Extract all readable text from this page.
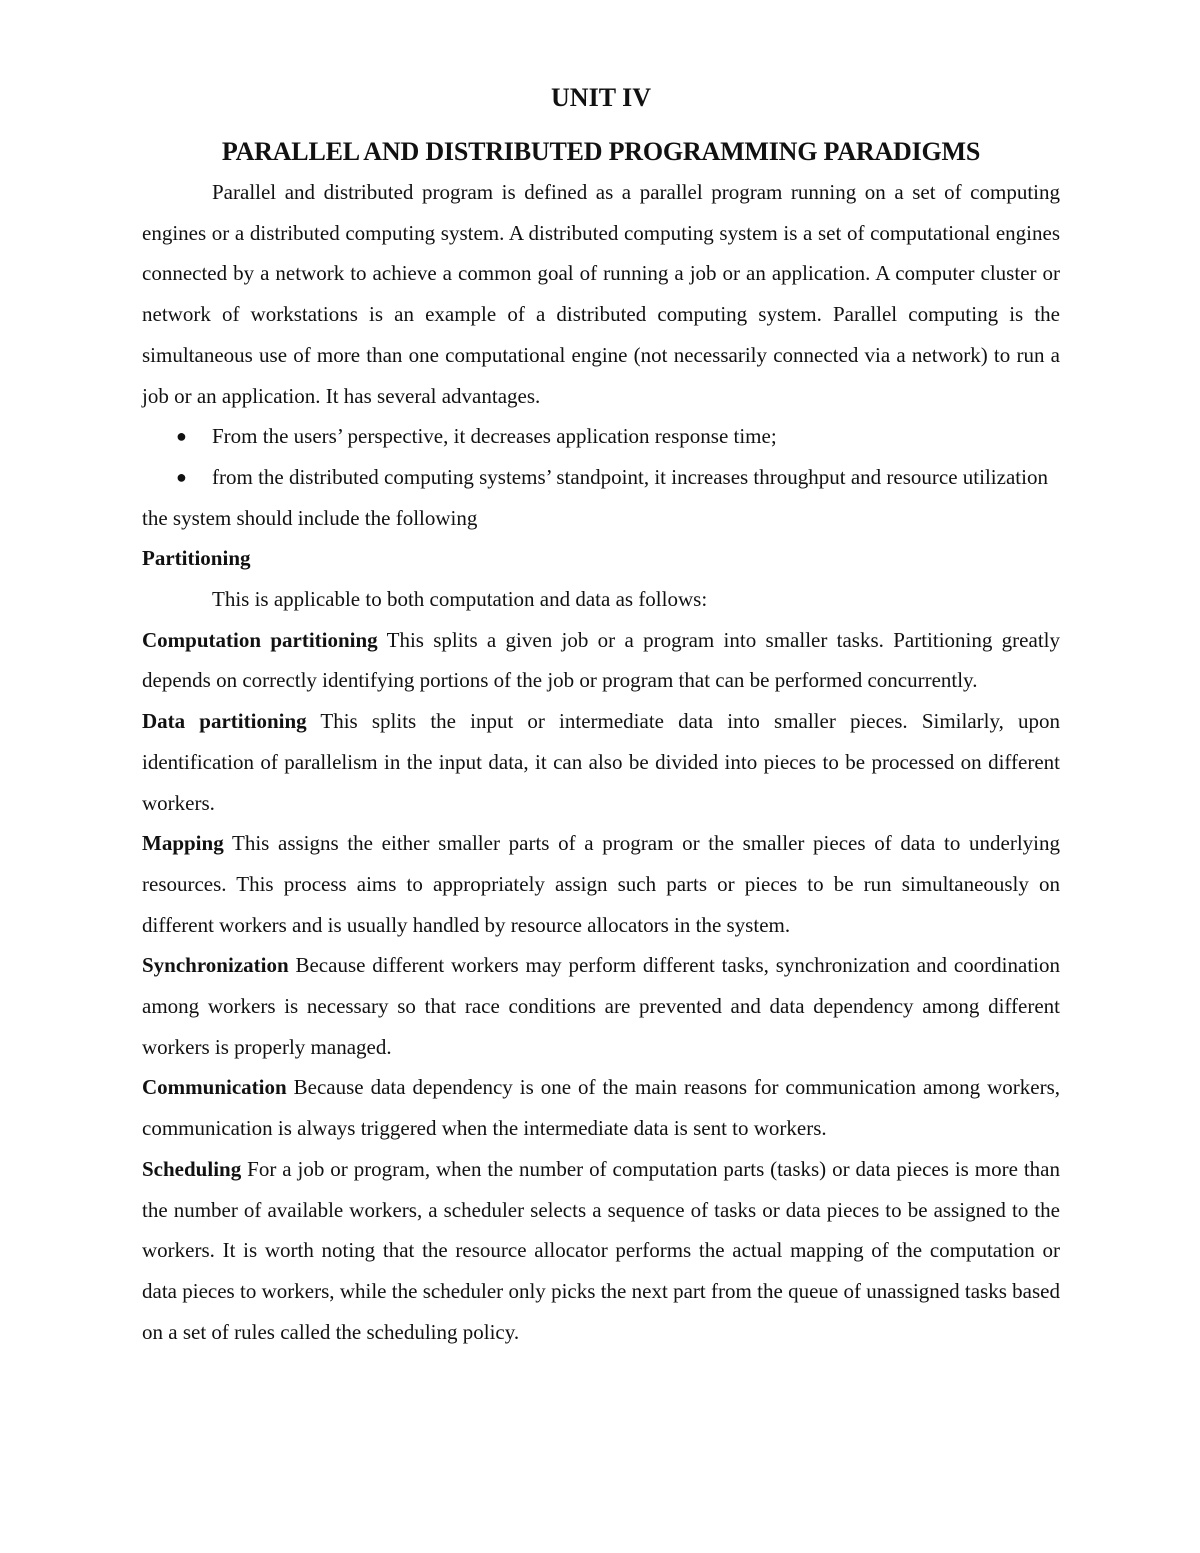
UNIT IV
PARALLEL AND DISTRIBUTED PROGRAMMING PARADIGMS

Parallel and distributed program is defined as a parallel program running on a set of computing engines or a distributed computing system. A distributed computing system is a set of computational engines connected by a network to achieve a common goal of running a job or an application. A computer cluster or network of workstations is an example of a distributed computing system. Parallel computing is the simultaneous use of more than one computational engine (not necessarily connected via a network) to run a job or an application. It has several advantages.

● From the users’ perspective, it decreases application response time;
● from the distributed computing systems’ standpoint, it increases throughput and resource utilization

the system should include the following

Partitioning

This is applicable to both computation and data as follows:

Computation partitioning This splits a given job or a program into smaller tasks. Partitioning greatly depends on correctly identifying portions of the job or program that can be performed concurrently.

Data partitioning This splits the input or intermediate data into smaller pieces. Similarly, upon identification of parallelism in the input data, it can also be divided into pieces to be processed on different workers.

Mapping This assigns the either smaller parts of a program or the smaller pieces of data to underlying resources. This process aims to appropriately assign such parts or pieces to be run simultaneously on different workers and is usually handled by resource allocators in the system.

Synchronization Because different workers may perform different tasks, synchronization and coordination among workers is necessary so that race conditions are prevented and data dependency among different workers is properly managed.

Communication Because data dependency is one of the main reasons for communication among workers, communication is always triggered when the intermediate data is sent to workers.

Scheduling For a job or program, when the number of computation parts (tasks) or data pieces is more than the number of available workers, a scheduler selects a sequence of tasks or data pieces to be assigned to the workers. It is worth noting that the resource allocator performs the actual mapping of the computation or data pieces to workers, while the scheduler only picks the next part from the queue of unassigned tasks based on a set of rules called the scheduling policy.
